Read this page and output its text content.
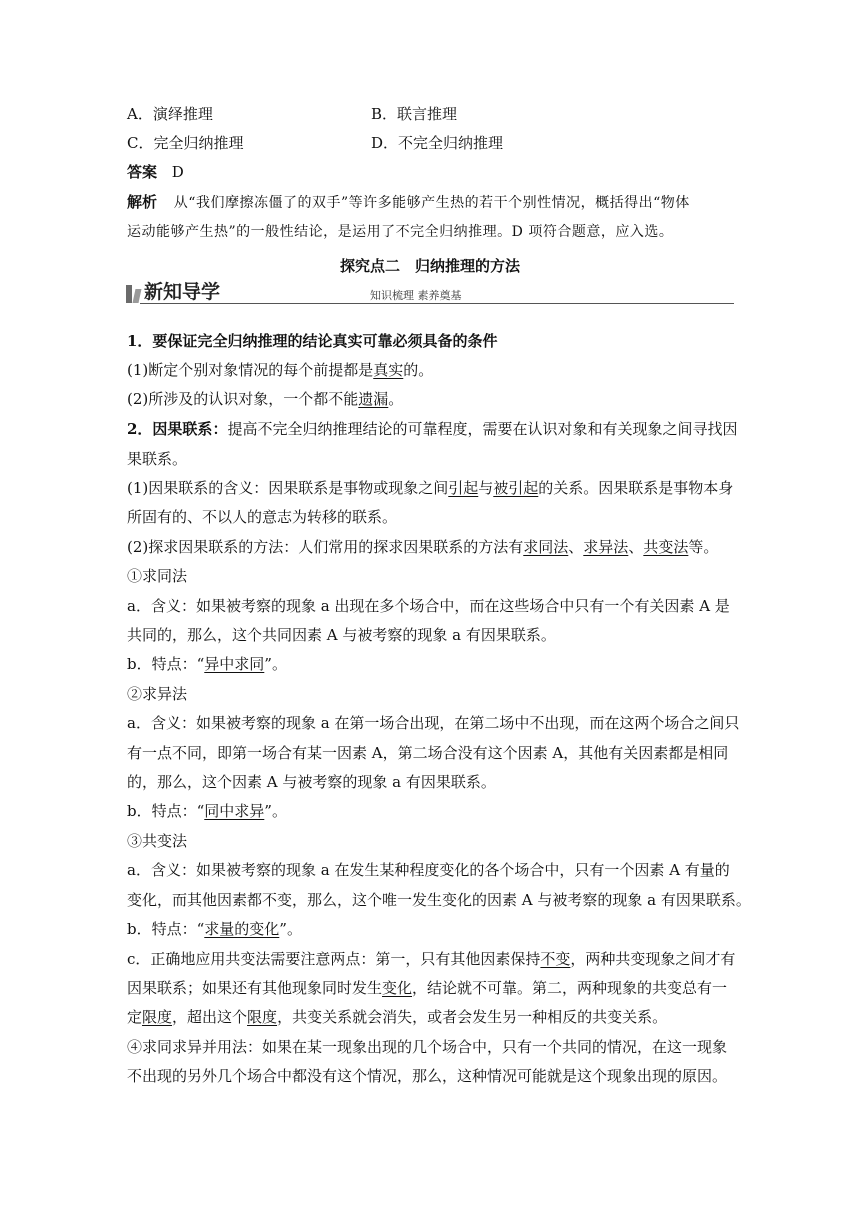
A．演绎推理	B．联言推理
C．完全归纳推理	D．不完全归纳推理
答案 D
解析 从“我们摩擦冻僵了的双手”等许多能够产生热的若干个别性情况，概括得出“物体
运动能够产生热”的一般性结论，是运用了不完全归纳推理。D 项符合题意，应入选。
探究点二　归纳推理的方法
新知导学	知识梳理 素养奠基
1．要保证完全归纳推理的结论真实可靠必须具备的条件
(1)断定个别对象情况的每个前提都是真实的。
(2)所涉及的认识对象，一个都不能遗漏。
2．因果联系：提高不完全归纳推理结论的可靠程度，需要在认识对象和有关现象之间寻找因
果联系。
(1)因果联系的含义：因果联系是事物或现象之间引起与被引起的关系。因果联系是事物本身
所固有的、不以人的意志为转移的联系。
(2)探求因果联系的方法：人们常用的探求因果联系的方法有求同法、求异法、共变法等。
①求同法
a．含义：如果被考察的现象 a 出现在多个场合中，而在这些场合中只有一个有关因素 A 是
共同的，那么，这个共同因素 A 与被考察的现象 a 有因果联系。
b．特点：“异中求同”。
②求异法
a．含义：如果被考察的现象 a 在第一场合出现，在第二场中不出现，而在这两个场合之间只
有一点不同，即第一场合有某一因素 A，第二场合没有这个因素 A，其他有关因素都是相同
的，那么，这个因素 A 与被考察的现象 a 有因果联系。
b．特点：“同中求异”。
③共变法
a．含义：如果被考察的现象 a 在发生某种程度变化的各个场合中，只有一个因素 A 有量的
变化，而其他因素都不变，那么，这个唯一发生变化的因素 A 与被考察的现象 a 有因果联系。
b．特点：“求量的变化”。
c．正确地应用共变法需要注意两点：第一，只有其他因素保持不变，两种共变现象之间才有
因果联系；如果还有其他现象同时发生变化，结论就不可靠。第二，两种现象的共变总有一
定限度，超出这个限度，共变关系就会消失，或者会发生另一种相反的共变关系。
④求同求异并用法：如果在某一现象出现的几个场合中，只有一个共同的情况，在这一现象
不出现的另外几个场合中都没有这个情况，那么，这种情况可能就是这个现象出现的原因。
